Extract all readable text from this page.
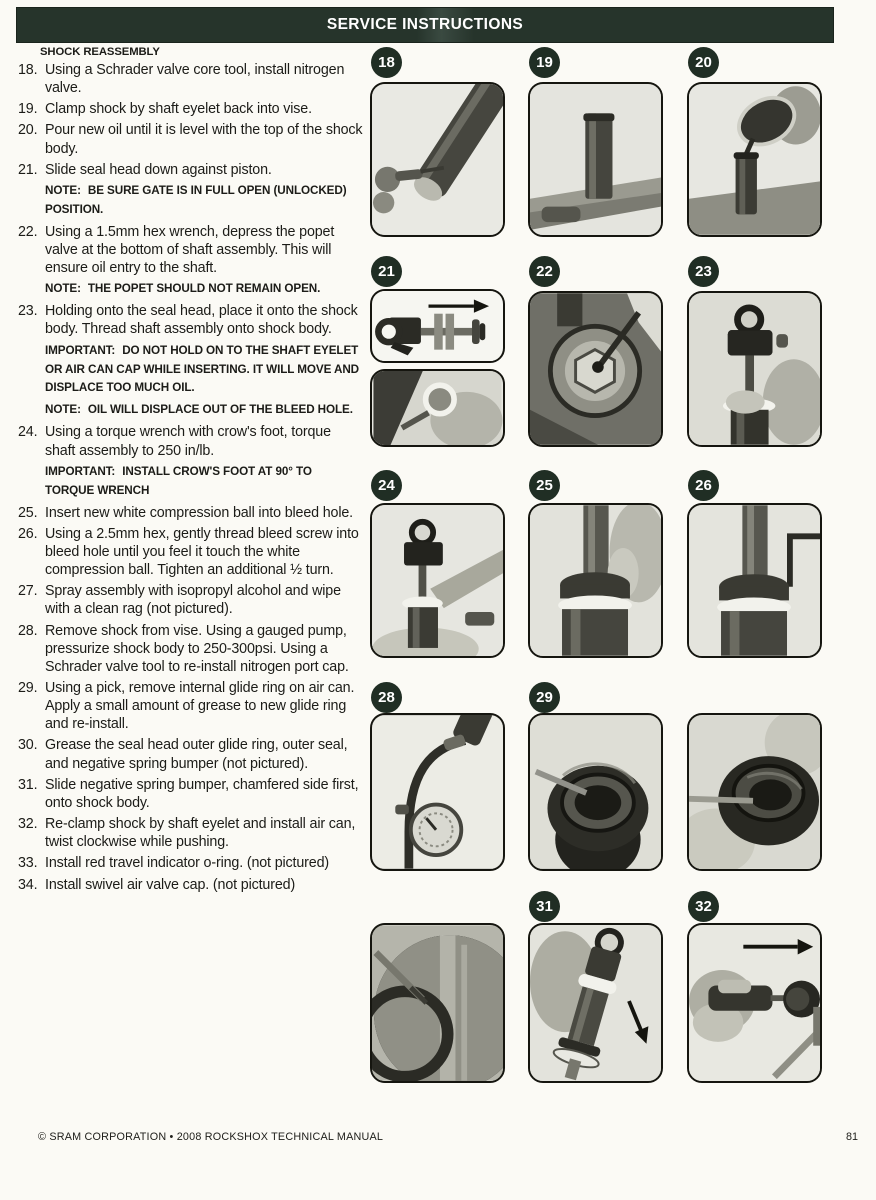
SERVICE INSTRUCTIONS
SHOCK REASSEMBLY
18. Using a Schrader valve core tool, install nitrogen valve.
19. Clamp shock by shaft eyelet back into vise.
20. Pour new oil until it is level with the top of the shock body.
21. Slide seal head down against piston.
NOTE: BE SURE GATE IS IN FULL OPEN (UNLOCKED) POSITION.
22. Using a 1.5mm hex wrench, depress the popet valve at the bottom of shaft assembly. This will ensure oil entry to the shaft.
NOTE: THE POPET SHOULD NOT REMAIN OPEN.
23. Holding onto the seal head, place it onto the shock body. Thread shaft assembly onto shock body.
IMPORTANT: DO NOT HOLD ON TO THE SHAFT EYELET OR AIR CAN CAP WHILE INSERTING. IT WILL MOVE AND DISPLACE TOO MUCH OIL.
NOTE: OIL WILL DISPLACE OUT OF THE BLEED HOLE.
24. Using a torque wrench with crow's foot, torque shaft assembly to 250 in/lb.
IMPORTANT: INSTALL CROW'S FOOT AT 90° TO TORQUE WRENCH
25. Insert new white compression ball into bleed hole.
26. Using a 2.5mm hex, gently thread bleed screw into bleed hole until you feel it touch the white compression ball. Tighten an additional ½ turn.
27. Spray assembly with isopropyl alcohol and wipe with a clean rag (not pictured).
28. Remove shock from vise. Using a gauged pump, pressurize shock body to 250-300psi. Using a Schrader valve tool to re-install nitrogen port cap.
29. Using a pick, remove internal glide ring on air can. Apply a small amount of grease to new glide ring and re-install.
30. Grease the seal head outer glide ring, outer seal, and negative spring bumper (not pictured).
31. Slide negative spring bumper, chamfered side first, onto shock body.
32. Re-clamp shock by shaft eyelet and install air can, twist clockwise while pushing.
33. Install red travel indicator o-ring. (not pictured)
34. Install swivel air valve cap. (not pictured)
18	19	20
21	22	23
24	25	26
28	29
31	32
© SRAM CORPORATION • 2008 ROCKSHOX TECHNICAL MANUAL	81
